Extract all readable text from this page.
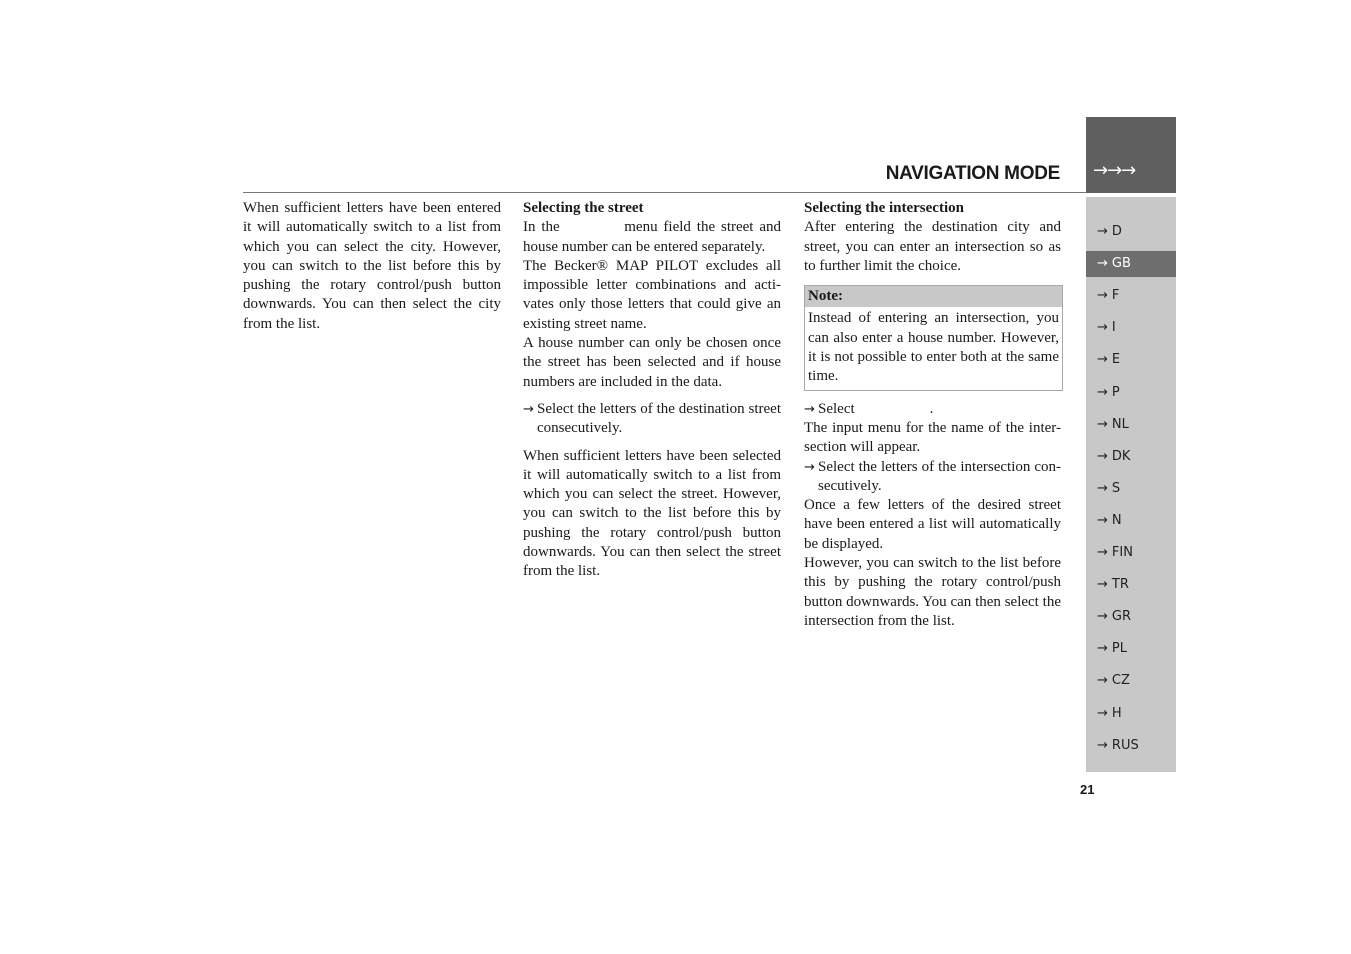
NAVIGATION MODE →→→
→ D
→ GB
→ F
→ I
→ E
→ P
→ NL
→ DK
→ S
→ N
→ FIN
→ TR
→ GR
→ PL
→ CZ
→ H
→ RUS
21

When sufficient letters have been entered it will automatically switch to a list from which you can select the city. However, you can switch to the list before this by pushing the rotary control/push button downwards. You can then select the city from the list.

Selecting the street

In the           menu field the street and house number can be entered separately.

The Becker® MAP PILOT excludes all impossible letter combinations and acti-vates only those letters that could give an existing street name.

A house number can only be chosen once the street has been selected and if house numbers are included in the data.

→ Select the letters of the destination street consecutively.

When sufficient letters have been selected it will automatically switch to a list from which you can select the street. However, you can switch to the list before this by pushing the rotary control/push button downwards. You can then select the street from the list.

Selecting the intersection

After entering the destination city and street, you can enter an intersection so as to further limit the choice.

Note:
Instead of entering an intersection, you can also enter a house number. However, it is not possible to enter both at the same time.
→ Select                    .

The input menu for the name of the inter-section will appear.

→ Select the letters of the intersection con-secutively.

Once a few letters of the desired street have been entered a list will automatically be displayed.

However, you can switch to the list before this by pushing the rotary control/push button downwards. You can then select the intersection from the list.
